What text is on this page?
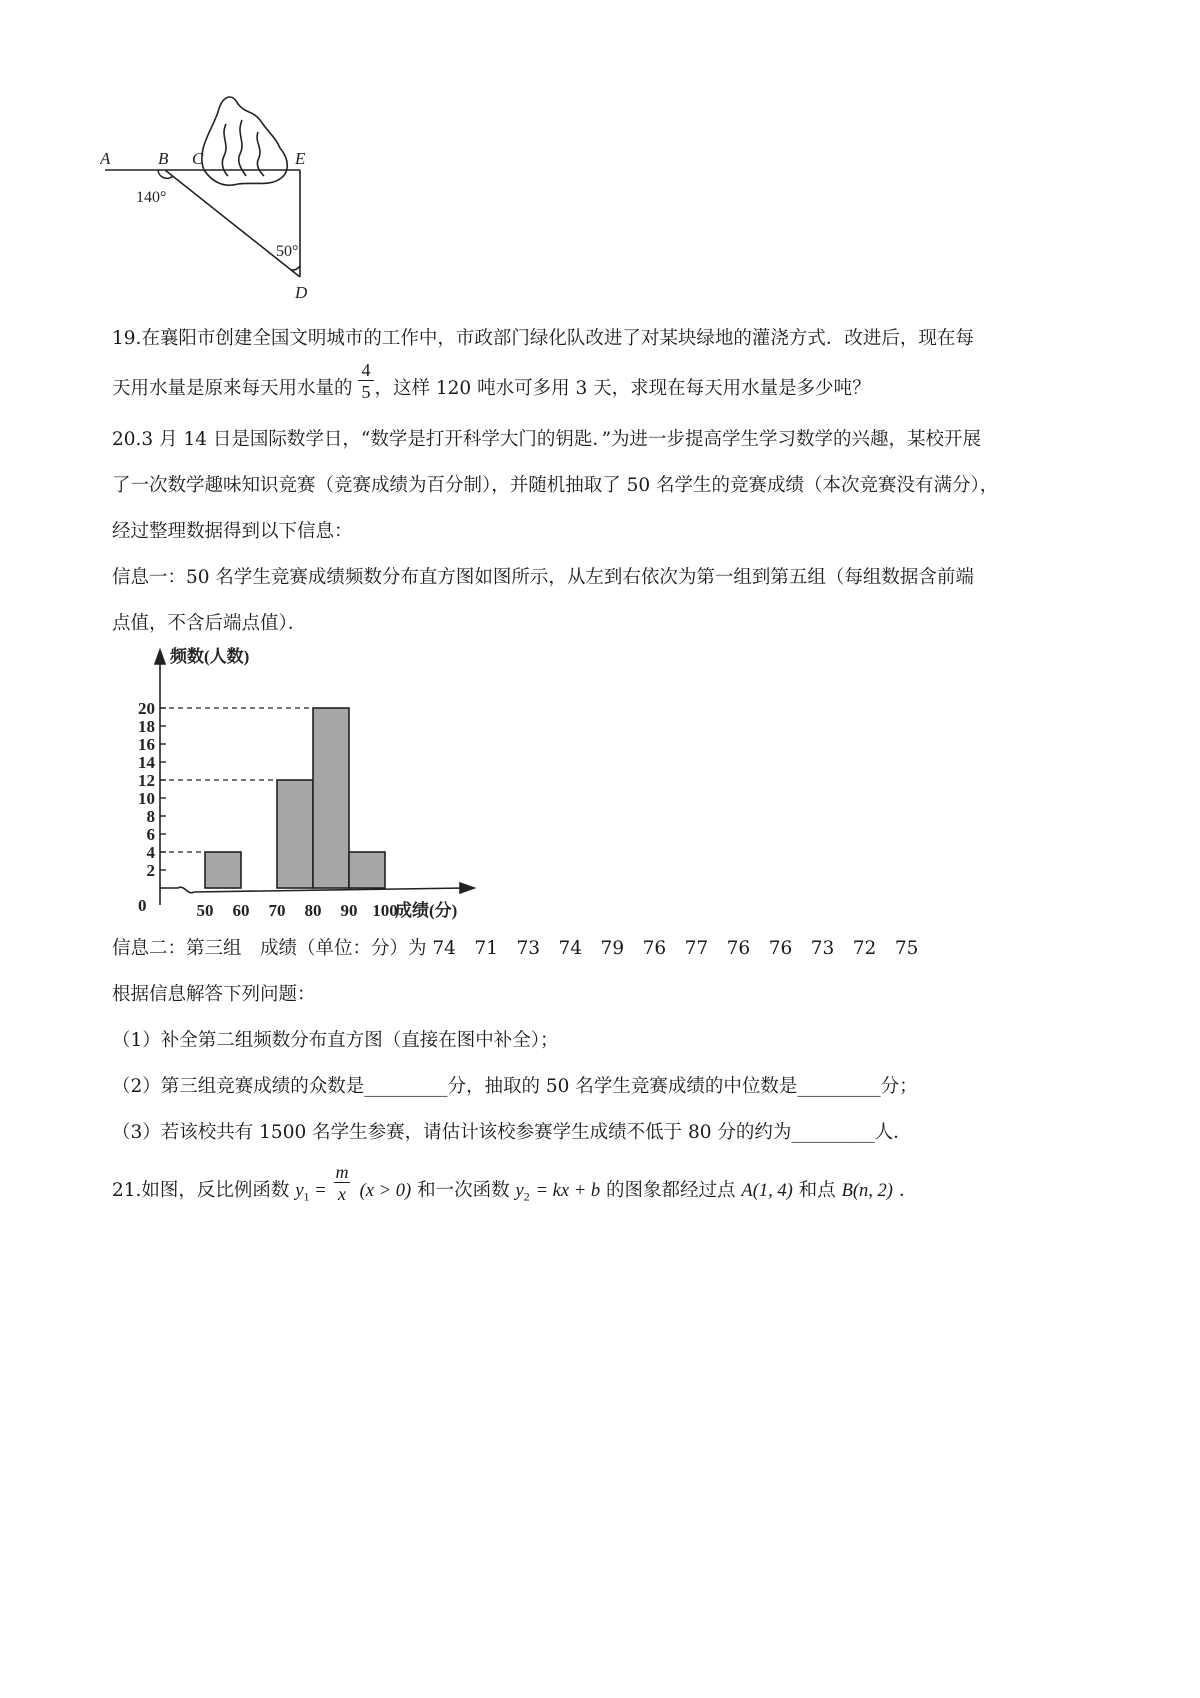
A	B C	E
D
140°
50°
19.在襄阳市创建全国文明城市的工作中，市政部门绿化队改进了对某块绿地的灌浇方式．改进后，现在每
天用水量是原来每天用水量的 ，这样 120 吨水可多用 3 天，求现在每天用水量是多少吨？
4
5
20.3 月 14 日是国际数学日，“数学是打开科学大门的钥匙．”为进一步提高学生学习数学的兴趣，某校开展
了一次数学趣味知识竞赛（竞赛成绩为百分制），并随机抽取了 50 名学生的竞赛成绩（本次竞赛没有满分），
经过整理数据得到以下信息：
信息一：50 名学生竞赛成绩频数分布直方图如图所示，从左到右依次为第一组到第五组（每组数据含前端
点值，不含后端点值）．
频数(人数)
成绩(分)
0
2
4
6
8
10
12
14
16
18
20
50 60 70 80 90 100
信息二：第三组　成绩（单位：分）为 74　71　73　74　79　76　77　76　76　73　72　75
根据信息解答下列问题：
（1）补全第二组频数分布直方图（直接在图中补全）；
（2）第三组竞赛成绩的众数是_________分，抽取的 50 名学生竞赛成绩的中位数是_________分；
（3）若该校共有 1500 名学生参赛，请估计该校参赛学生成绩不低于 80 分的约为_________人．
21.如图，反比例函数 $y_1 = (x > 0)$ 和一次函数 $y_2$ = kx + b 的图象都经过点 A(1, 4) 和点 B(n, 2) ．
m
x
